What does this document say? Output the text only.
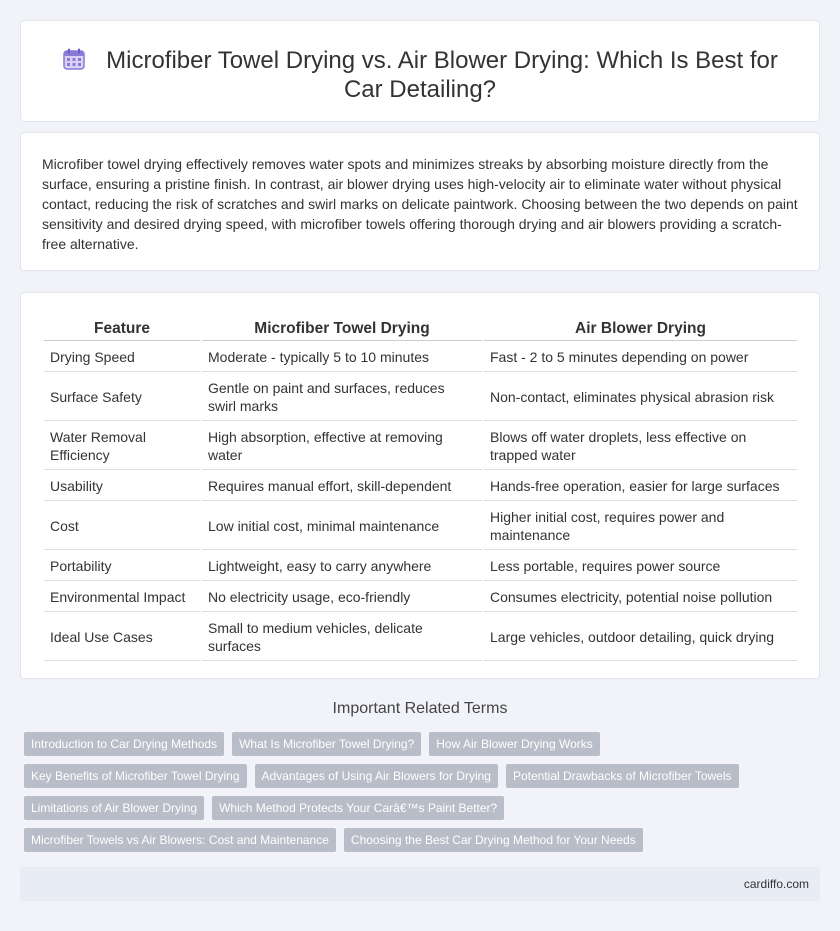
Microfiber Towel Drying vs. Air Blower Drying: Which Is Best for Car Detailing?

Microfiber towel drying effectively removes water spots and minimizes streaks by absorbing moisture directly from the surface, ensuring a pristine finish. In contrast, air blower drying uses high-velocity air to eliminate water without physical contact, reducing the risk of scratches and swirl marks on delicate paintwork. Choosing between the two depends on paint sensitivity and desired drying speed, with microfiber towels offering thorough drying and air blowers providing a scratch-free alternative.

Feature	Microfiber Towel Drying	Air Blower Drying
Drying Speed	Moderate - typically 5 to 10 minutes	Fast - 2 to 5 minutes depending on power
Surface Safety	Gentle on paint and surfaces, reduces swirl marks	Non-contact, eliminates physical abrasion risk
Water Removal Efficiency	High absorption, effective at removing water	Blows off water droplets, less effective on trapped water
Usability	Requires manual effort, skill-dependent	Hands-free operation, easier for large surfaces
Cost	Low initial cost, minimal maintenance	Higher initial cost, requires power and maintenance
Portability	Lightweight, easy to carry anywhere	Less portable, requires power source
Environmental Impact	No electricity usage, eco-friendly	Consumes electricity, potential noise pollution
Ideal Use Cases	Small to medium vehicles, delicate surfaces	Large vehicles, outdoor detailing, quick drying
Important Related Terms
Introduction to Car Drying Methods	What Is Microfiber Towel Drying?	How Air Blower Drying Works
Key Benefits of Microfiber Towel Drying	Advantages of Using Air Blowers for Drying	Potential Drawbacks of Microfiber Towels
Limitations of Air Blower Drying	Which Method Protects Your Carâ€™s Paint Better?
Microfiber Towels vs Air Blowers: Cost and Maintenance	Choosing the Best Car Drying Method for Your Needs
cardiffo.com
